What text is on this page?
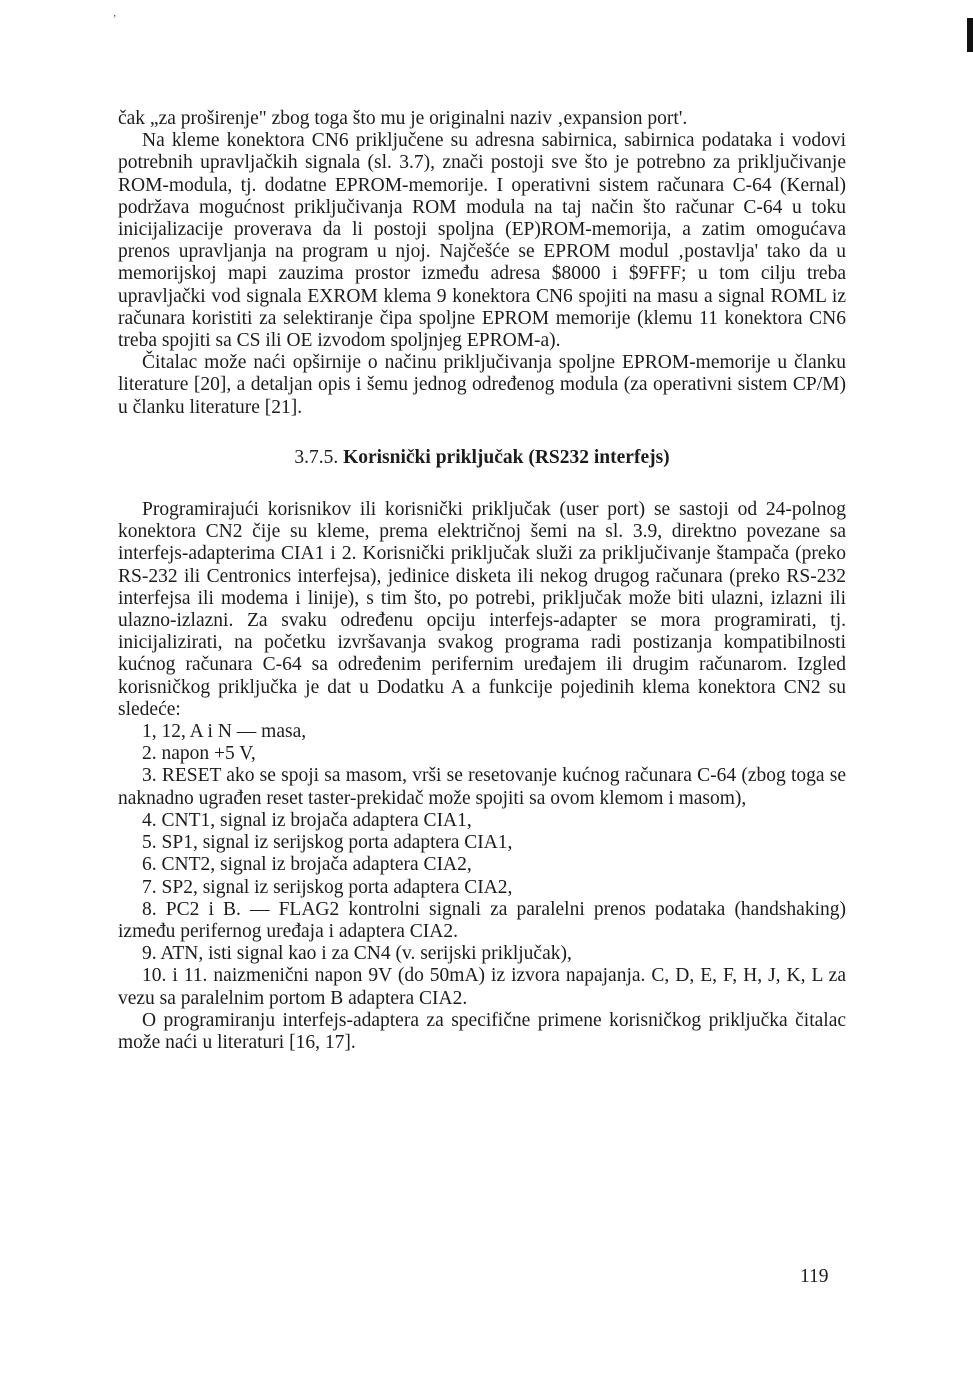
’

čak „za proširenje" zbog toga što mu je originalni naziv ‚expansion port'.

Na kleme konektora CN6 priključene su adresna sabirnica, sabirnica podataka i vodovi potrebnih upravljačkih signala (sl. 3.7), znači postoji sve što je potrebno za priključivanje ROM-modula, tj. dodatne EPROM-memorije. I operativni sistem računara C-64 (Kernal) podržava mogućnost priključivanja ROM modula na taj način što računar C-64 u toku inicijalizacije proverava da li postoji spoljna (EP)ROM-memorija, a zatim omogućava prenos upravljanja na program u njoj. Najčešće se EPROM modul ‚postavlja' tako da u memorijskoj mapi zauzima prostor između adresa $8000 i $9FFF; u tom cilju treba upravljački vod signala EXROM klema 9 konektora CN6 spojiti na masu a signal ROML iz računara koristiti za selektiranje čipa spoljne EPROM memorije (klemu 11 konektora CN6 treba spojiti sa CS ili OE izvodom spoljnjeg EPROM-a).

Čitalac može naći opširnije o načinu priključivanja spoljne EPROM-memorije u članku literature [20], a detaljan opis i šemu jednog određenog modula (za operativni sistem CP/M) u članku literature [21].

3.7.5. Korisnički priključak (RS232 interfejs)

Programirajući korisnikov ili korisnički priključak (user port) se sastoji od 24-polnog konektora CN2 čije su kleme, prema električnoj šemi na sl. 3.9, direktno povezane sa interfejs-adapterima CIA1 i 2. Korisnički priključak služi za priključivanje štampača (preko RS-232 ili Centronics interfejsa), jedinice disketa ili nekog drugog računara (preko RS-232 interfejsa ili modema i linije), s tim što, po potrebi, priključak može biti ulazni, izlazni ili ulazno-izlazni. Za svaku određenu opciju interfejs-adapter se mora programirati, tj. inicijalizirati, na početku izvršavanja svakog programa radi postizanja kompatibilnosti kućnog računara C-64 sa određenim perifernim uređajem ili drugim računarom. Izgled korisničkog priključka je dat u Dodatku A a funkcije pojedinih klema konektora CN2 su sledeće:

1, 12, A i N — masa,

2. napon +5 V,

3. RESET ako se spoji sa masom, vrši se resetovanje kućnog računara C-64 (zbog toga se naknadno ugrađen reset taster-prekidač može spojiti sa ovom klemom i masom),

4. CNT1, signal iz brojača adaptera CIA1,

5. SP1, signal iz serijskog porta adaptera CIA1,

6. CNT2, signal iz brojača adaptera CIA2,

7. SP2, signal iz serijskog porta adaptera CIA2,

8. PC2 i B. — FLAG2 kontrolni signali za paralelni prenos podataka (handshaking) između perifernog uređaja i adaptera CIA2.

9. ATN, isti signal kao i za CN4 (v. serijski priključak),

10. i 11. naizmenični napon 9V (do 50mA) iz izvora napajanja. C, D, E, F, H, J, K, L za vezu sa paralelnim portom B adaptera CIA2.

O programiranju interfejs-adaptera za specifične primene korisničkog priključka čitalac može naći u literaturi [16, 17].

119
